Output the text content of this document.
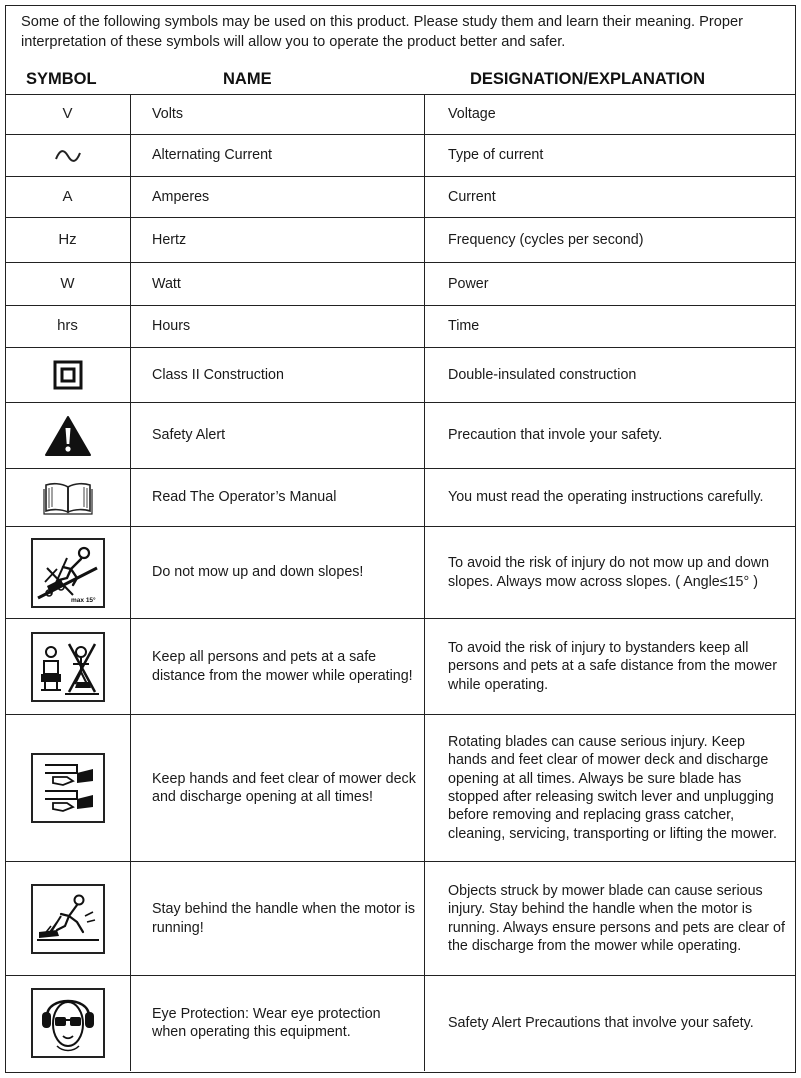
Some of the following symbols may be used on this product. Please study them and learn their meaning. Proper interpretation of these symbols will allow you to operate the product better and safer.
SYMBOL	NAME	DESIGNATION/EXPLANATION
V	Volts	Voltage
	Alternating Current	Type of current
A	Amperes	Current
Hz	Hertz	Frequency (cycles per second)
W	Watt	Power
hrs	Hours	Time
	Class II Construction	Double-insulated construction
	Safety Alert	Precaution that invole your safety.
	Read The Operator’s Manual	You must read the operating instructions carefully.

max 15°	Do not mow up and down slopes!	To avoid the risk of injury do not mow up and down slopes. Always mow across slopes. ( Angle≤15° )

	Keep all persons and pets at a safe distance from the mower while operating!	To avoid the risk of injury to bystanders keep all persons and pets at a safe distance from the mower while operating.

	Keep hands and feet clear of mower deck and discharge opening at all times!	Rotating blades can cause serious injury. Keep hands and feet clear of mower deck and discharge opening at all times. Always be sure blade has stopped after releasing switch lever and unplugging before removing and replacing grass catcher, cleaning, servicing, transporting or lifting the mower.

	Stay behind the handle when the motor is running!	Objects struck by mower blade can cause serious injury. Stay behind the handle when the motor is running. Always ensure persons and pets are clear of the discharge from the mower while operating.

	Eye Protection: Wear eye protection when operating this equipment.	Safety Alert Precautions that involve your safety.
